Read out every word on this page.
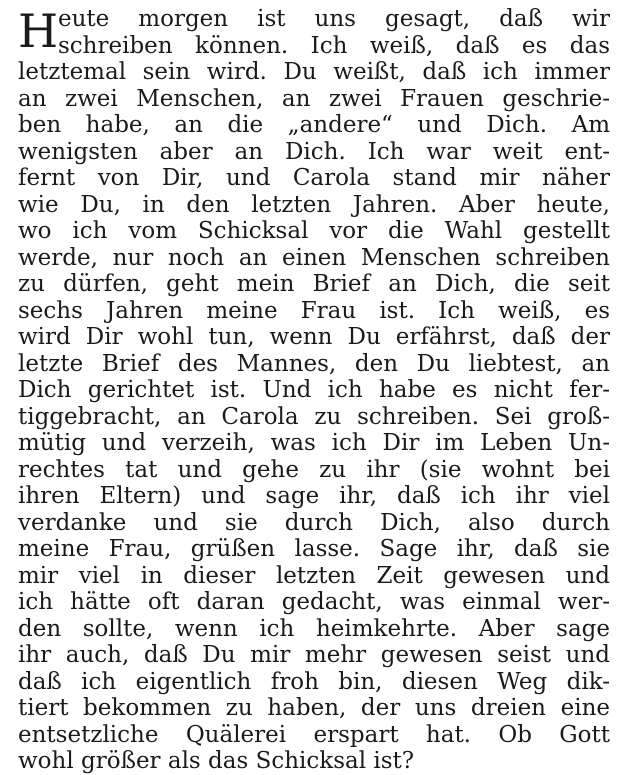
H eute morgen ist uns gesagt, daß wir
schreiben können. Ich weiß, daß es das
letztemal sein wird. Du weißt, daß ich immer
an zwei Menschen, an zwei Frauen geschrie-
ben habe, an die „andere“ und Dich. Am
wenigsten aber an Dich. Ich war weit ent-
fernt von Dir, und Carola stand mir näher
wie Du, in den letzten Jahren. Aber heute,
wo ich vom Schicksal vor die Wahl gestellt
werde, nur noch an einen Menschen schreiben
zu dürfen, geht mein Brief an Dich, die seit
sechs Jahren meine Frau ist. Ich weiß, es
wird Dir wohl tun, wenn Du erfährst, daß der
letzte Brief des Mannes, den Du liebtest, an
Dich gerichtet ist. Und ich habe es nicht fer-
tiggebracht, an Carola zu schreiben. Sei groß-
mütig und verzeih, was ich Dir im Leben Un-
rechtes tat und gehe zu ihr (sie wohnt bei
ihren Eltern) und sage ihr, daß ich ihr viel
verdanke und sie durch Dich, also durch
meine Frau, grüßen lasse. Sage ihr, daß sie
mir viel in dieser letzten Zeit gewesen und
ich hätte oft daran gedacht, was einmal wer-
den sollte, wenn ich heimkehrte. Aber sage
ihr auch, daß Du mir mehr gewesen seist und
daß ich eigentlich froh bin, diesen Weg dik-
tiert bekommen zu haben, der uns dreien eine
entsetzliche Quälerei erspart hat. Ob Gott
wohl größer als das Schicksal ist?
